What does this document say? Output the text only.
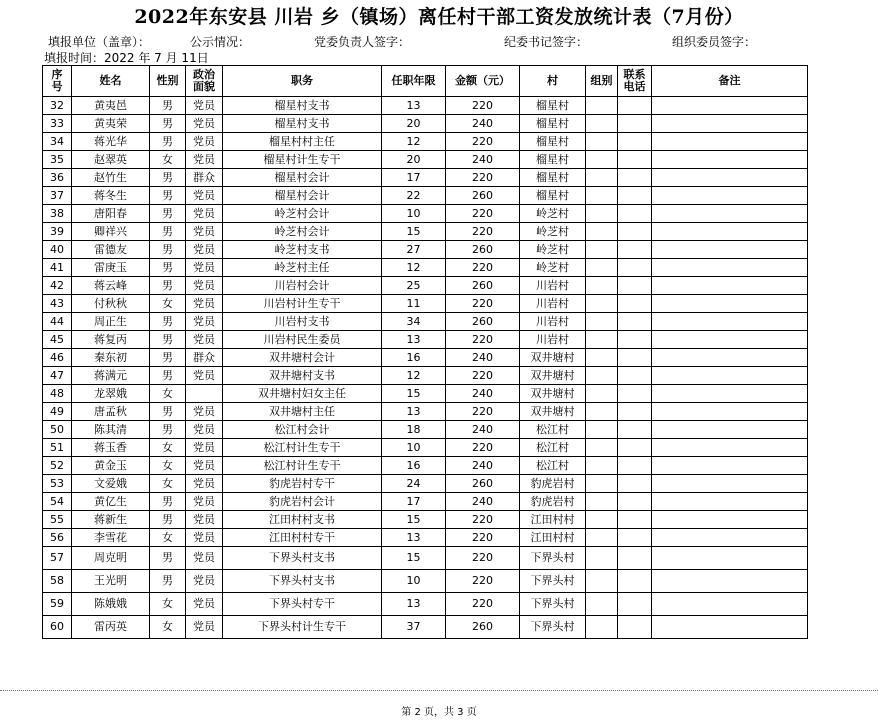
2022年东安县 川岩 乡（镇场）离任村干部工资发放统计表（7月份）
填报单位（盖章）：	公示情况：	党委负责人签字：	纪委书记签字：	组织委员签字：
填报时间：2022 年 7 月 11日
序
号	姓名	性别	政治
面貌	职务	任职年限	金额（元）	村	组别	联系
电话	备注
32	黄夷邑	男	党员	榴星村支书	13	220	榴星村			
33	黄夷荣	男	党员	榴星村支书	20	240	榴星村			
34	蒋光华	男	党员	榴星村村主任	12	220	榴星村			
35	赵翠英	女	党员	榴星村计生专干	20	240	榴星村			
36	赵竹生	男	群众	榴星村会计	17	220	榴星村			
37	蒋冬生	男	党员	榴星村会计	22	260	榴星村			
38	唐阳春	男	党员	岭芝村会计	10	220	岭芝村			
39	卿祥兴	男	党员	岭芝村会计	15	220	岭芝村			
40	雷德友	男	党员	岭芝村支书	27	260	岭芝村			
41	雷庚玉	男	党员	岭芝村主任	12	220	岭芝村			
42	蒋云峰	男	党员	川岩村会计	25	260	川岩村			
43	付秋秋	女	党员	川岩村计生专干	11	220	川岩村			
44	周正生	男	党员	川岩村支书	34	260	川岩村			
45	蒋复丙	男	党员	川岩村民生委员	13	220	川岩村			
46	秦东初	男	群众	双井塘村会计	16	240	双井塘村			
47	蒋满元	男	党员	双井塘村支书	12	220	双井塘村			
48	龙翠娥	女		双井塘村妇女主任	15	240	双井塘村			
49	唐孟秋	男	党员	双井塘村主任	13	220	双井塘村			
50	陈其清	男	党员	松江村会计	18	240	松江村			
51	蒋玉香	女	党员	松江村计生专干	10	220	松江村			
52	黄金玉	女	党员	松江村计生专干	16	240	松江村			
53	文爱娥	女	党员	豹虎岩村专干	24	260	豹虎岩村			
54	黄亿生	男	党员	豹虎岩村会计	17	240	豹虎岩村			
55	蒋新生	男	党员	江田村村支书	15	220	江田村村			
56	李雪花	女	党员	江田村村专干	13	220	江田村村			
57	周克明	男	党员	下界头村支书	15	220	下界头村			
58	王光明	男	党员	下界头村支书	10	220	下界头村			
59	陈娥娥	女	党员	下界头村专干	13	220	下界头村			
60	雷丙英	女	党员	下界头村计生专干	37	260	下界头村			
第 2 页，共 3 页
